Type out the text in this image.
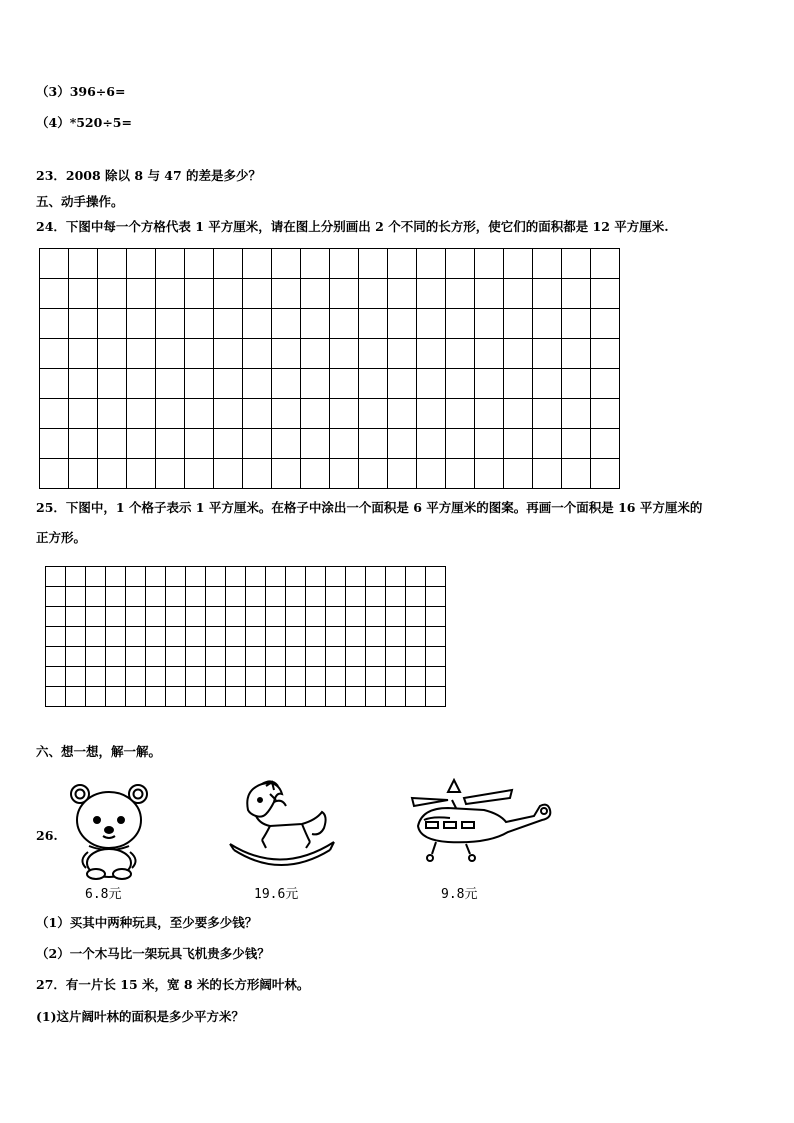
（3）396÷6=
（4）*520÷5=
23．2008 除以 8 与 47 的差是多少？
五、动手操作。
24．下图中每一个方格代表 1 平方厘米，请在图上分别画出 2 个不同的长方形，使它们的面积都是 12 平方厘米.

25．下图中，1 个格子表示 1 平方厘米。在格子中涂出一个面积是 6 平方厘米的图案。再画一个面积是 16 平方厘米的
正方形。

六、想一想，解一解。
26.
6.8元	19.6元	9.8元
（1）买其中两种玩具，至少要多少钱？
（2）一个木马比一架玩具飞机贵多少钱？
27．有一片长 15 米，宽 8 米的长方形阔叶林。
(1)这片阔叶林的面积是多少平方米？
